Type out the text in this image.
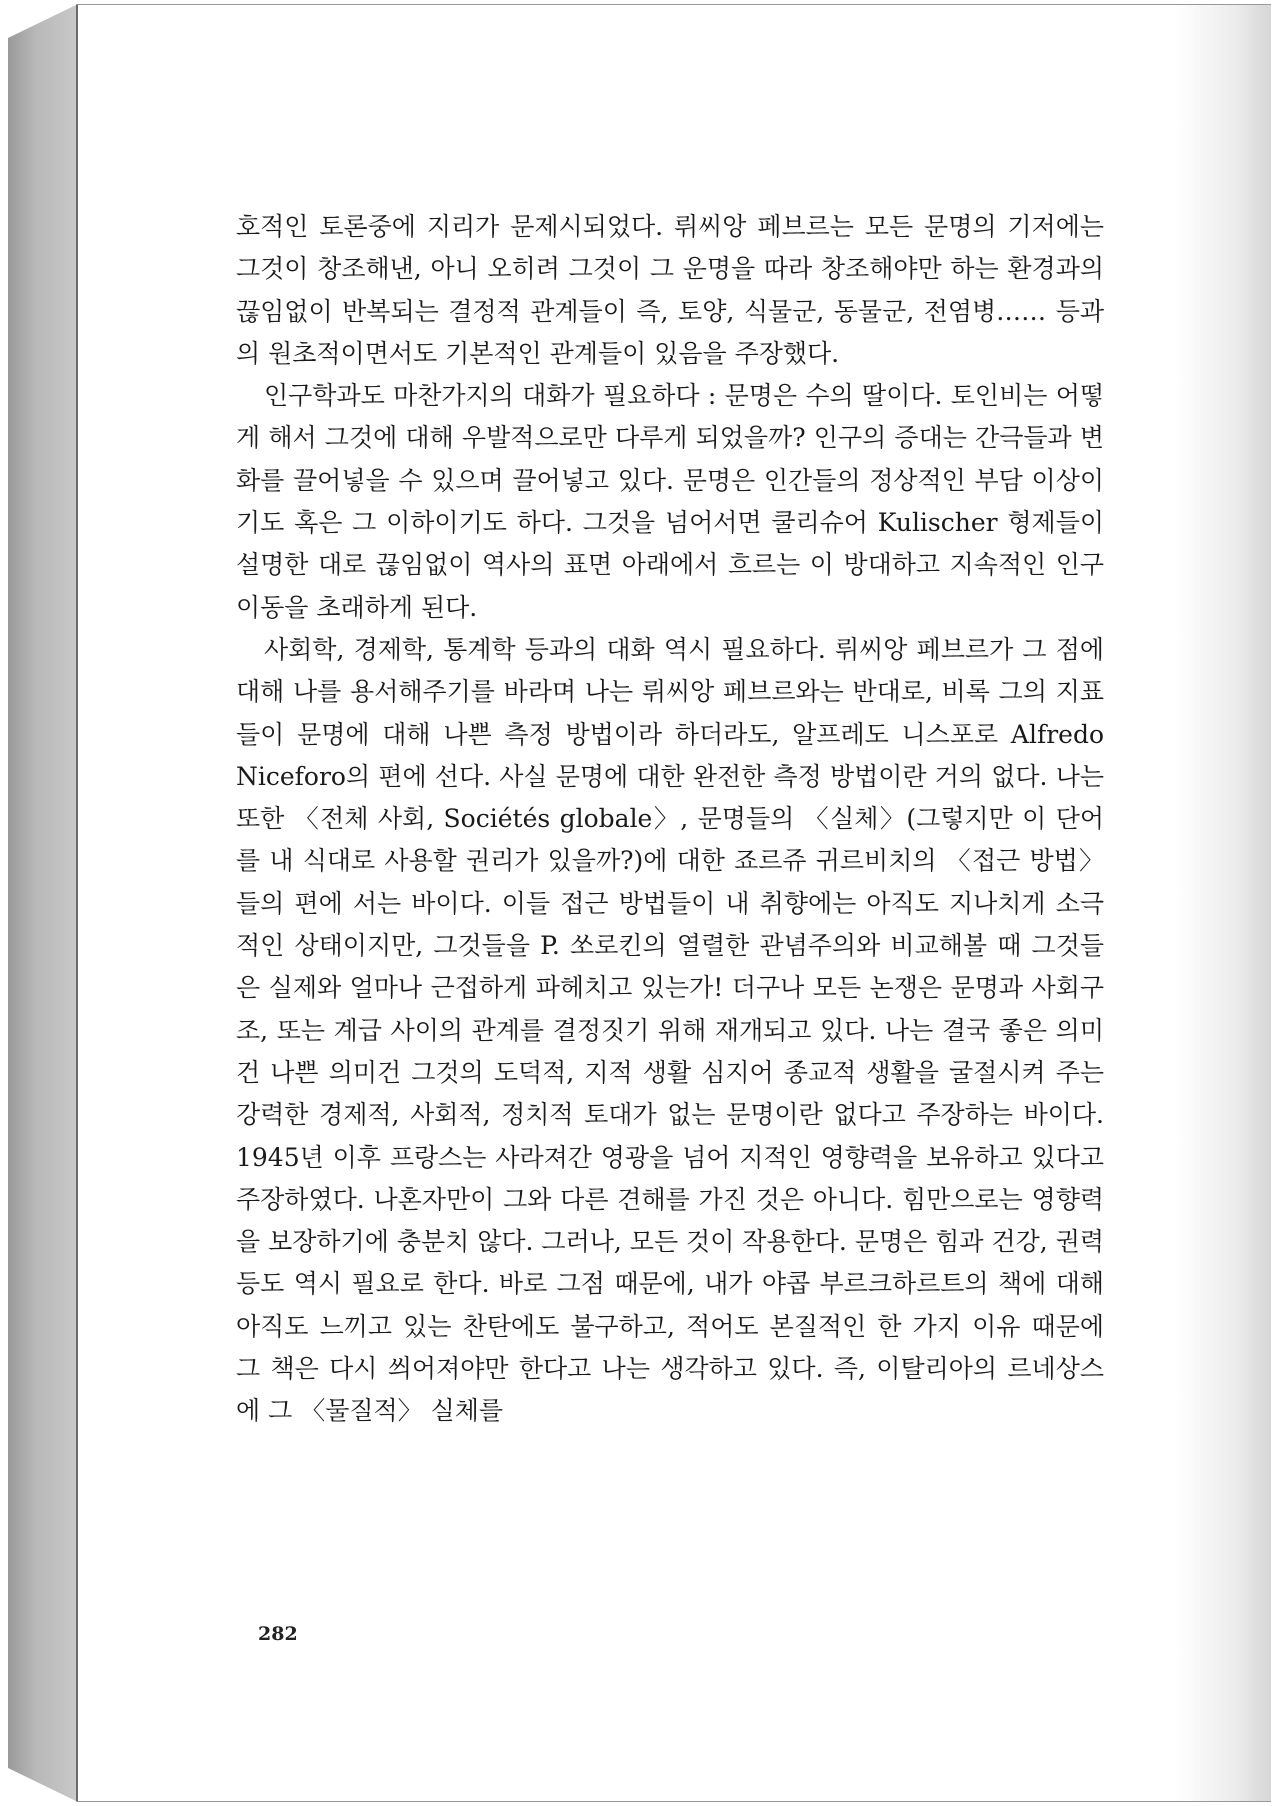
호적인 토론중에 지리가 문제시되었다. 뤼씨앙 페브르는 모든 문명의 기저에는 그것이 창조해낸, 아니 오히려 그것이 그 운명을 따라 창조해야만 하는 환경과의 끊임없이 반복되는 결정적 관계들이 즉, 토양, 식물군, 동물군, 전염병…… 등과의 원초적이면서도 기본적인 관계들이 있음을 주장했다.

인구학과도 마찬가지의 대화가 필요하다 : 문명은 수의 딸이다. 토인비는 어떻게 해서 그것에 대해 우발적으로만 다루게 되었을까? 인구의 증대는 간극들과 변화를 끌어넣을 수 있으며 끌어넣고 있다. 문명은 인간들의 정상적인 부담 이상이기도 혹은 그 이하이기도 하다. 그것을 넘어서면 쿨리슈어 Kulischer 형제들이 설명한 대로 끊임없이 역사의 표면 아래에서 흐르는 이 방대하고 지속적인 인구이동을 초래하게 된다.

사회학, 경제학, 통계학 등과의 대화 역시 필요하다. 뤼씨앙 페브르가 그 점에 대해 나를 용서해주기를 바라며 나는 뤼씨앙 페브르와는 반대로, 비록 그의 지표들이 문명에 대해 나쁜 측정 방법이라 하더라도, 알프레도 니스포로 Alfredo Niceforo의 편에 선다. 사실 문명에 대한 완전한 측정 방법이란 거의 없다. 나는 또한 〈전체 사회, Sociétés globale〉, 문명들의 〈실체〉(그렇지만 이 단어를 내 식대로 사용할 권리가 있을까?)에 대한 죠르쥬 귀르비치의 〈접근 방법〉들의 편에 서는 바이다. 이들 접근 방법들이 내 취향에는 아직도 지나치게 소극적인 상태이지만, 그것들을 P. 쏘로킨의 열렬한 관념주의와 비교해볼 때 그것들은 실제와 얼마나 근접하게 파헤치고 있는가! 더구나 모든 논쟁은 문명과 사회구조, 또는 계급 사이의 관계를 결정짓기 위해 재개되고 있다. 나는 결국 좋은 의미건 나쁜 의미건 그것의 도덕적, 지적 생활 심지어 종교적 생활을 굴절시켜 주는 강력한 경제적, 사회적, 정치적 토대가 없는 문명이란 없다고 주장하는 바이다. 1945년 이후 프랑스는 사라져간 영광을 넘어 지적인 영향력을 보유하고 있다고 주장하였다. 나혼자만이 그와 다른 견해를 가진 것은 아니다. 힘만으로는 영향력을 보장하기에 충분치 않다. 그러나, 모든 것이 작용한다. 문명은 힘과 건강, 권력 등도 역시 필요로 한다. 바로 그점 때문에, 내가 야콥 부르크하르트의 책에 대해 아직도 느끼고 있는 찬탄에도 불구하고, 적어도 본질적인 한 가지 이유 때문에 그 책은 다시 씌어져야만 한다고 나는 생각하고 있다. 즉, 이탈리아의 르네상스에 그 〈물질적〉 실체를

282
